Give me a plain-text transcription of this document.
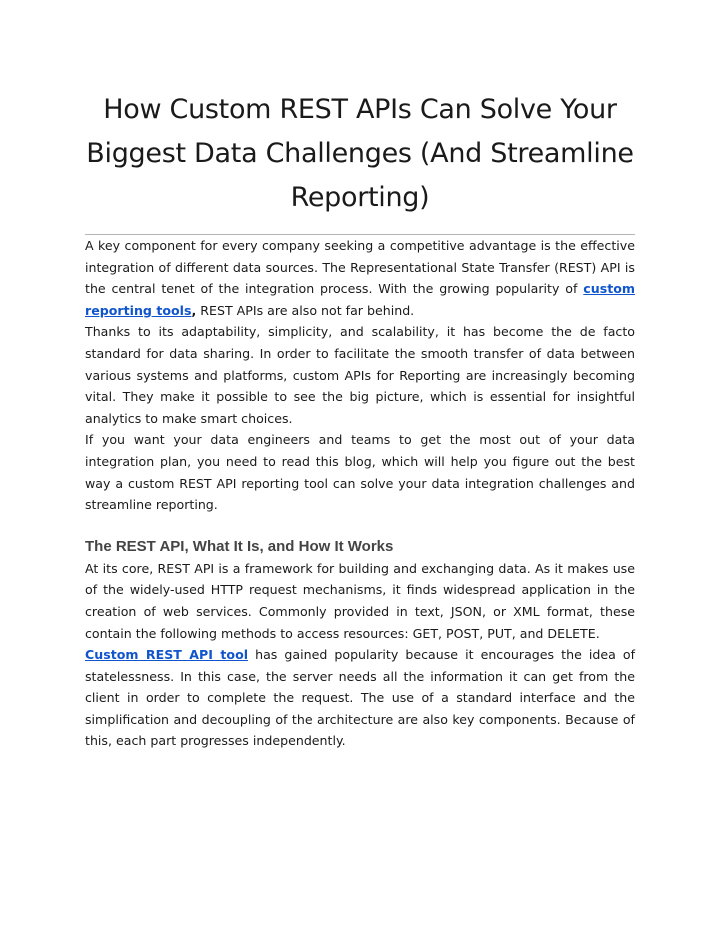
How Custom REST APIs Can Solve Your Biggest Data Challenges (And Streamline Reporting)

A key component for every company seeking a competitive advantage is the effective integration of different data sources. The Representational State Transfer (REST) API is the central tenet of the integration process. With the growing popularity of custom reporting tools, REST APIs are also not far behind.

Thanks to its adaptability, simplicity, and scalability, it has become the de facto standard for data sharing. In order to facilitate the smooth transfer of data between various systems and platforms, custom APIs for Reporting are increasingly becoming vital. They make it possible to see the big picture, which is essential for insightful analytics to make smart choices.

If you want your data engineers and teams to get the most out of your data integration plan, you need to read this blog, which will help you figure out the best way a custom REST API reporting tool can solve your data integration challenges and streamline reporting.

The REST API, What It Is, and How It Works

At its core, REST API is a framework for building and exchanging data. As it makes use of the widely-used HTTP request mechanisms, it finds widespread application in the creation of web services. Commonly provided in text, JSON, or XML format, these contain the following methods to access resources: GET, POST, PUT, and DELETE.

Custom REST API tool has gained popularity because it encourages the idea of statelessness. In this case, the server needs all the information it can get from the client in order to complete the request. The use of a standard interface and the simplification and decoupling of the architecture are also key components. Because of this, each part progresses independently.
